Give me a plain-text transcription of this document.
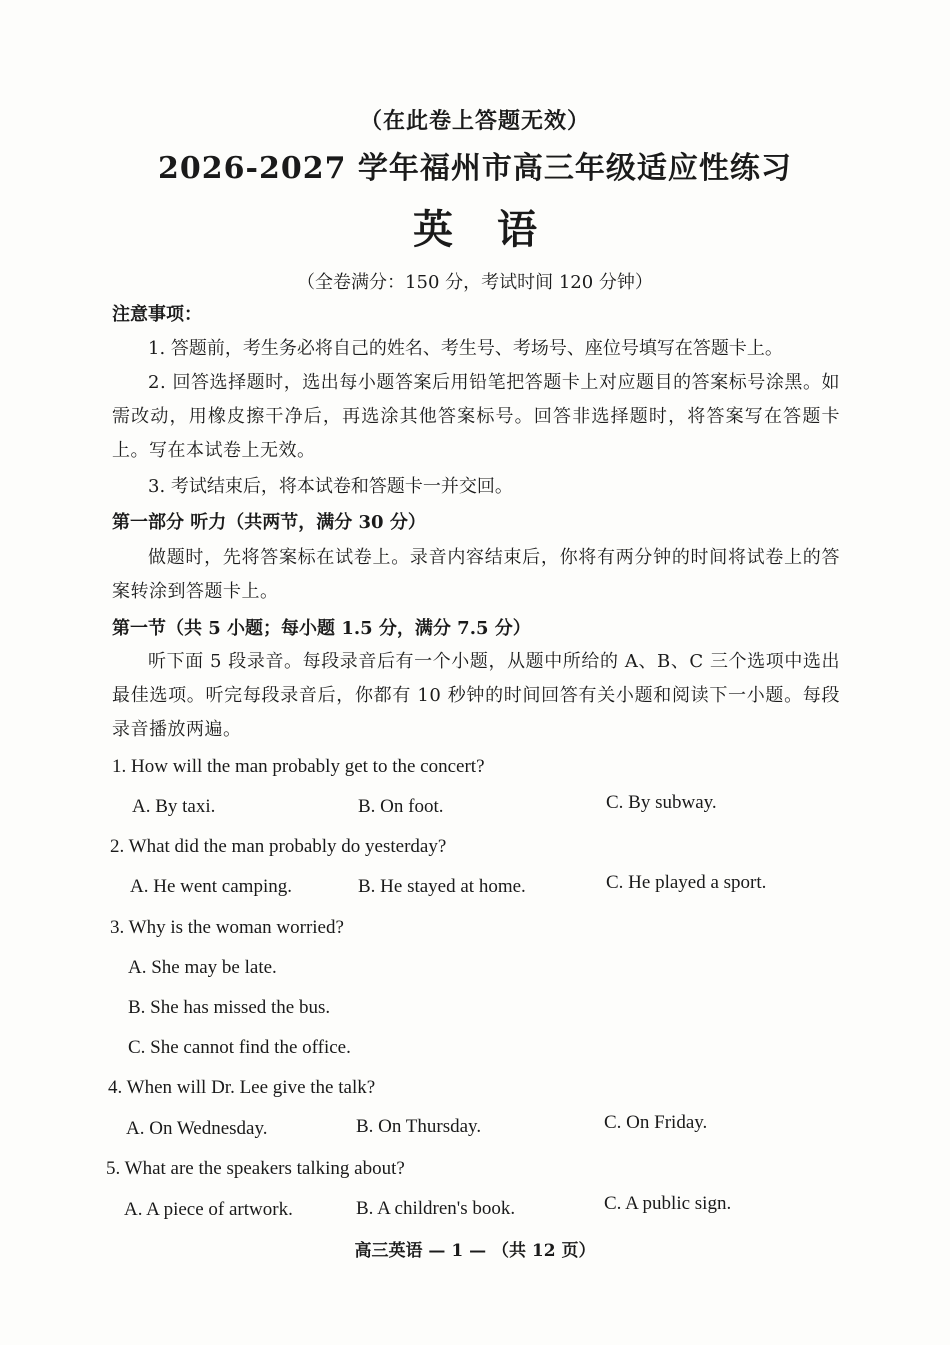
（在此卷上答题无效）
2026-2027 学年福州市高三年级适应性练习
英语
（全卷满分：150 分，考试时间 120 分钟）
注意事项：
1. 答题前，考生务必将自己的姓名、考生号、考场号、座位号填写在答题卡上。
2. 回答选择题时，选出每小题答案后用铅笔把答题卡上对应题目的答案标号涂黑。如需改动，用橡皮擦干净后，再选涂其他答案标号。回答非选择题时，将答案写在答题卡上。写在本试卷上无效。
3. 考试结束后，将本试卷和答题卡一并交回。
第一部分 听力（共两节，满分 30 分）
做题时，先将答案标在试卷上。录音内容结束后，你将有两分钟的时间将试卷上的答案转涂到答题卡上。
第一节（共 5 小题；每小题 1.5 分，满分 7.5 分）
听下面 5 段录音。每段录音后有一个小题，从题中所给的 A、B、C 三个选项中选出最佳选项。听完每段录音后，你都有 10 秒钟的时间回答有关小题和阅读下一小题。每段录音播放两遍。
1. How will the man probably get to the concert?
A. By taxi.	B. On foot.	C. By subway.
2. What did the man probably do yesterday?
A. He went camping.	B. He stayed at home.	C. He played a sport.
3. Why is the woman worried?
A. She may be late.
B. She has missed the bus.
C. She cannot find the office.
4. When will Dr. Lee give the talk?
A. On Wednesday.	B. On Thursday.	C. On Friday.
5. What are the speakers talking about?
A. A piece of artwork.	B. A children's book.	C. A public sign.
高三英语 — 1 — （共 12 页）
